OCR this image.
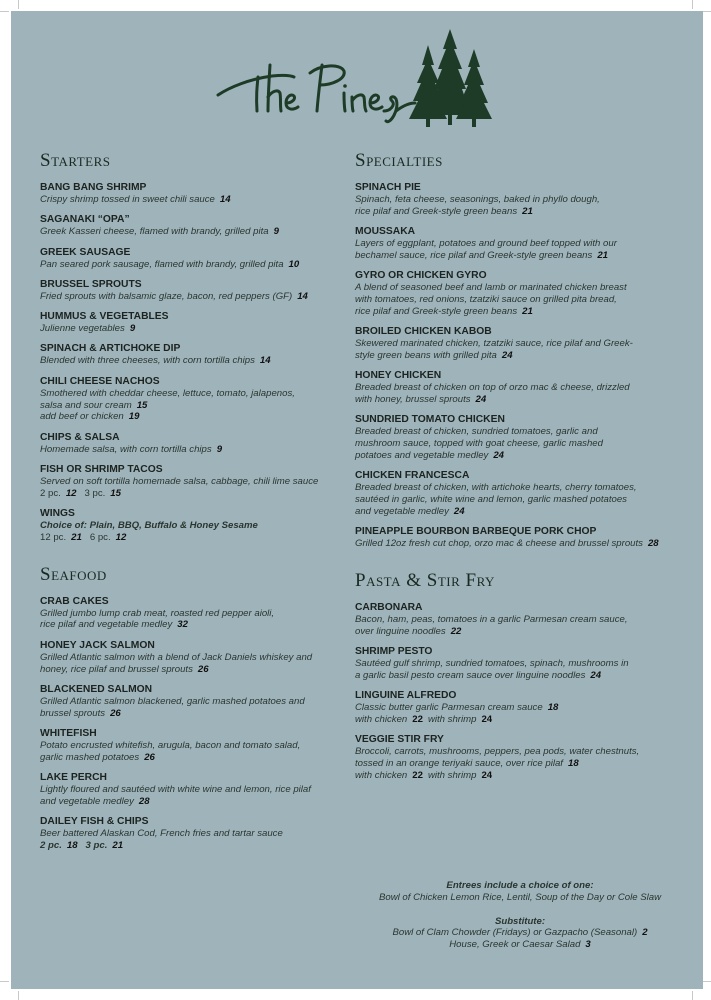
Starters
BANG BANG SHRIMP
Crispy shrimp tossed in sweet chili sauce 14
SAGANAKI “OPA”
Greek Kasseri cheese, flamed with brandy, grilled pita 9
GREEK SAUSAGE
Pan seared pork sausage, flamed with brandy, grilled pita 10
BRUSSEL SPROUTS
Fried sprouts with balsamic glaze, bacon, red peppers (GF) 14
HUMMUS & VEGETABLES
Julienne vegetables 9
SPINACH & ARTICHOKE DIP
Blended with three cheeses, with corn tortilla chips 14
CHILI CHEESE NACHOS
Smothered with cheddar cheese, lettuce, tomato, jalapenos,
salsa and sour cream 15
add beef or chicken 19
CHIPS & SALSA
Homemade salsa, with corn tortilla chips 9
FISH OR SHRIMP TACOS
Served on soft tortilla homemade salsa, cabbage, chili lime sauce
2 pc. 12 3 pc. 15
WINGS
Choice of: Plain, BBQ, Buffalo & Honey Sesame
12 pc. 21 6 pc. 12
Seafood
CRAB CAKES
Grilled jumbo lump crab meat, roasted red pepper aioli,
rice pilaf and vegetable medley 32
HONEY JACK SALMON
Grilled Atlantic salmon with a blend of Jack Daniels whiskey and
honey, rice pilaf and brussel sprouts 26
BLACKENED SALMON
Grilled Atlantic salmon blackened, garlic mashed potatoes and
brussel sprouts 26
WHITEFISH
Potato encrusted whitefish, arugula, bacon and tomato salad,
garlic mashed potatoes 26
LAKE PERCH
Lightly floured and sautéed with white wine and lemon, rice pilaf
and vegetable medley 28
DAILEY FISH & CHIPS
Beer battered Alaskan Cod, French fries and tartar sauce
2 pc. 18 3 pc. 21
Specialties
SPINACH PIE
Spinach, feta cheese, seasonings, baked in phyllo dough,
rice pilaf and Greek-style green beans 21
MOUSSAKA
Layers of eggplant, potatoes and ground beef topped with our
bechamel sauce, rice pilaf and Greek-style green beans 21
GYRO OR CHICKEN GYRO
A blend of seasoned beef and lamb or marinated chicken breast
with tomatoes, red onions, tzatziki sauce on grilled pita bread,
rice pilaf and Greek-style green beans 21
BROILED CHICKEN KABOB
Skewered marinated chicken, tzatziki sauce, rice pilaf and Greek-
style green beans with grilled pita 24
HONEY CHICKEN
Breaded breast of chicken on top of orzo mac & cheese, drizzled
with honey, brussel sprouts 24
SUNDRIED TOMATO CHICKEN
Breaded breast of chicken, sundried tomatoes, garlic and
mushroom sauce, topped with goat cheese, garlic mashed
potatoes and vegetable medley 24
CHICKEN FRANCESCA
Breaded breast of chicken, with artichoke hearts, cherry tomatoes,
sautéed in garlic, white wine and lemon, garlic mashed potatoes
and vegetable medley 24
PINEAPPLE BOURBON BARBEQUE PORK CHOP
Grilled 12oz fresh cut chop, orzo mac & cheese and brussel sprouts 28
Pasta & Stir Fry
CARBONARA
Bacon, ham, peas, tomatoes in a garlic Parmesan cream sauce,
over linguine noodles 22
SHRIMP PESTO
Sautéed gulf shrimp, sundried tomatoes, spinach, mushrooms in
a garlic basil pesto cream sauce over linguine noodles 24
LINGUINE ALFREDO
Classic butter garlic Parmesan cream sauce 18
with chicken 22 with shrimp 24
VEGGIE STIR FRY
Broccoli, carrots, mushrooms, peppers, pea pods, water chestnuts,
tossed in an orange teriyaki sauce, over rice pilaf 18
with chicken 22 with shrimp 24
Entrees include a choice of one:
Bowl of Chicken Lemon Rice, Lentil, Soup of the Day or Cole Slaw
Substitute:
Bowl of Clam Chowder (Fridays) or Gazpacho (Seasonal) 2
House, Greek or Caesar Salad 3
